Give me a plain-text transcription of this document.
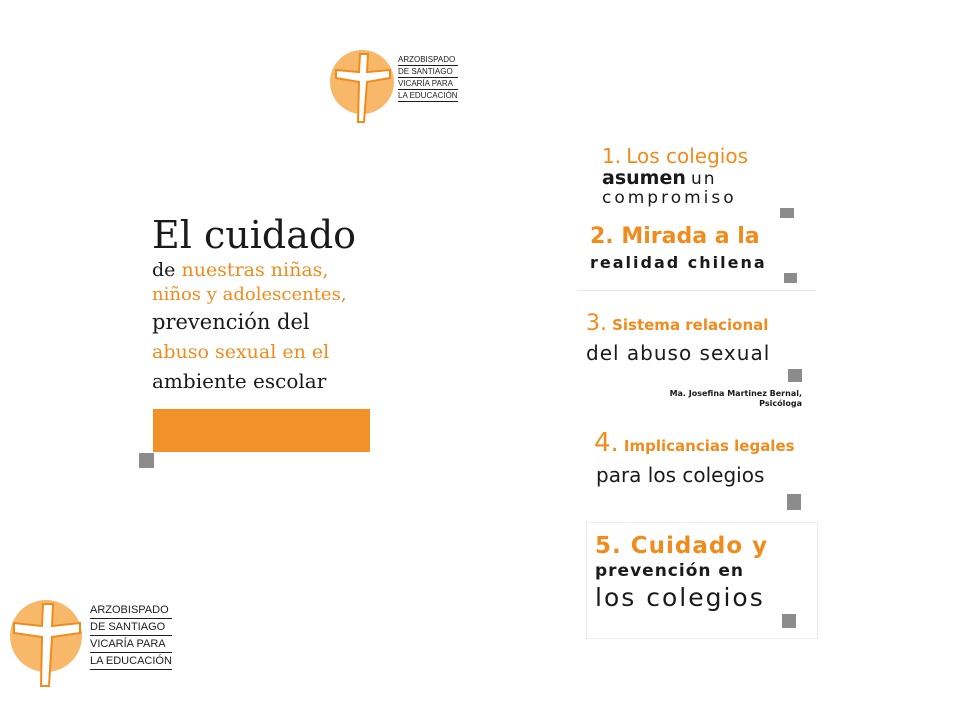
ARZOBISPADO
DE SANTIAGO
VICARÍA PARA
LA EDUCACIÓN
El cuidado
de nuestras niñas,
niños y adolescentes,
prevención del
abuso sexual en el
ambiente escolar
1. Los colegios
asumen un
compromiso
2. Mirada a la
realidad chilena
3. Sistema relacional
del abuso sexual
Ma. Josefina Martinez Bernal,
Psicóloga
4. Implicancias legales
para los colegios
5. Cuidado y
prevención en
los colegios
ARZOBISPADO
DE SANTIAGO
VICARÍA PARA
LA EDUCACIÓN
